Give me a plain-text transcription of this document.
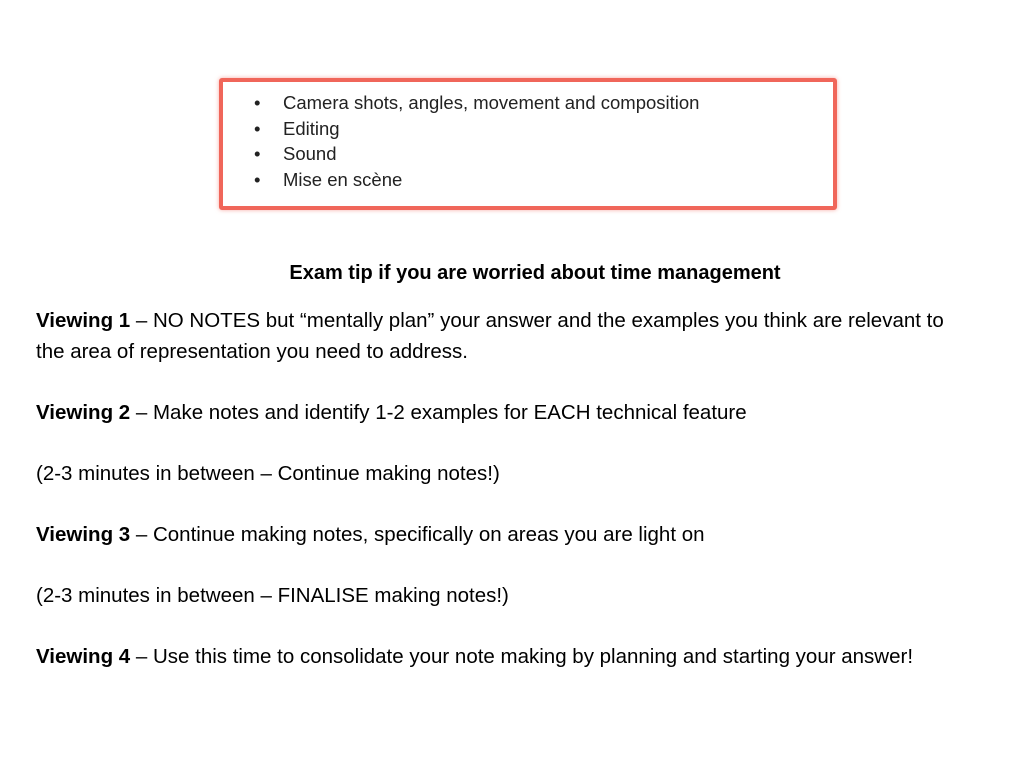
• Camera shots, angles, movement and composition
• Editing
• Sound
• Mise en scène
Exam tip if you are worried about time management

Viewing 1 – NO NOTES but “mentally plan” your answer and the examples you think are relevant to the area of representation you need to address.

Viewing 2 – Make notes and identify 1-2 examples for EACH technical feature

(2-3 minutes in between – Continue making notes!)

Viewing 3 – Continue making notes, specifically on areas you are light on

(2-3 minutes in between – FINALISE making notes!)

Viewing 4 – Use this time to consolidate your note making by planning and starting your answer!
